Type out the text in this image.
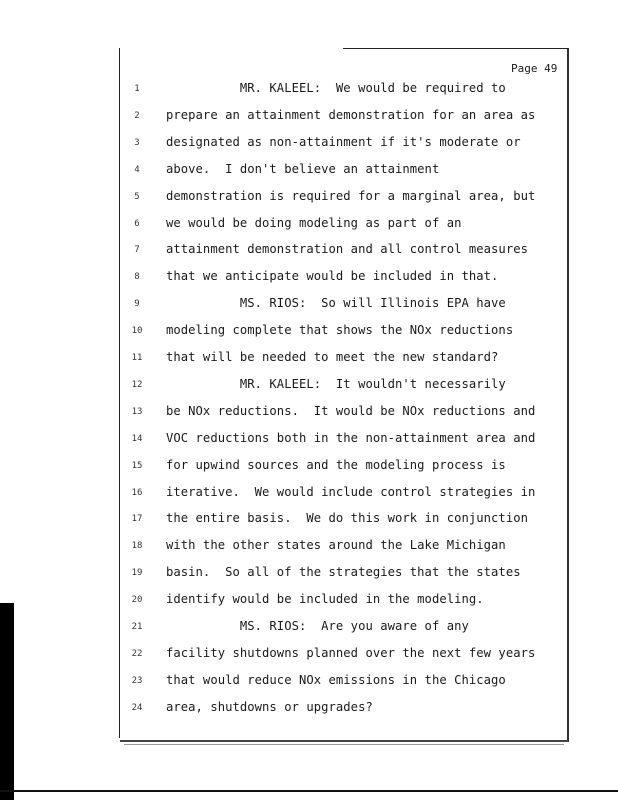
Page 49
1	MR. KALEEL:  We would be required to
2	prepare an attainment demonstration for an area as
3	designated as non-attainment if it's moderate or
4	above.  I don't believe an attainment
5	demonstration is required for a marginal area, but
6	we would be doing modeling as part of an
7	attainment demonstration and all control measures
8	that we anticipate would be included in that.
9	MS. RIOS:  So will Illinois EPA have
10 modeling complete that shows the NOx reductions
11 that will be needed to meet the new standard?
12 MR. KALEEL:  It wouldn't necessarily
13 be NOx reductions.  It would be NOx reductions and
14 VOC reductions both in the non-attainment area and
15 for upwind sources and the modeling process is
16 iterative.  We would include control strategies in
17 the entire basis.  We do this work in conjunction
18 with the other states around the Lake Michigan
19 basin.  So all of the strategies that the states
20 identify would be included in the modeling.
21 MS. RIOS:  Are you aware of any
22 facility shutdowns planned over the next few years
23 that would reduce NOx emissions in the Chicago
24 area, shutdowns or upgrades?
